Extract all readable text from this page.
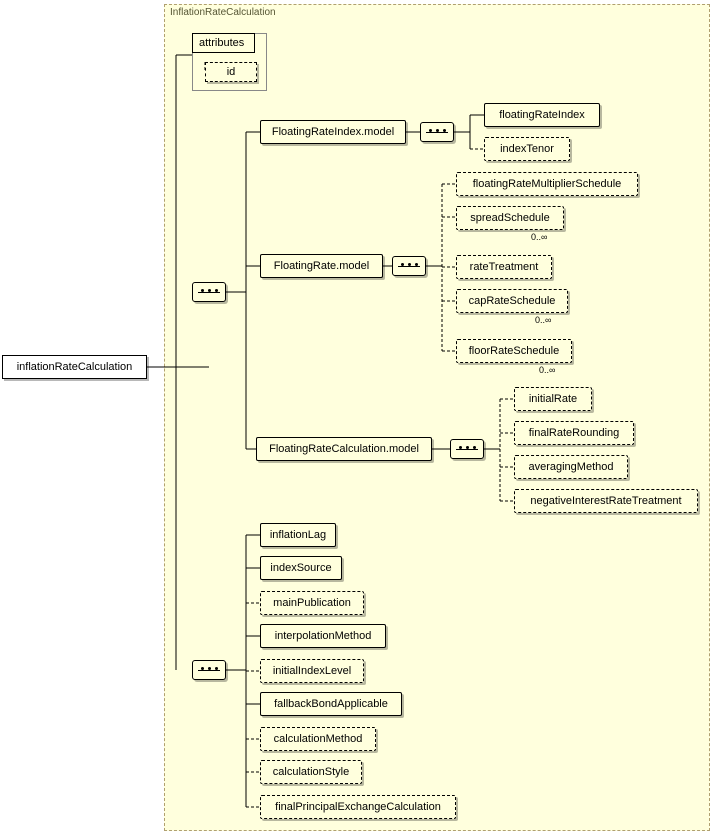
InflationRateCalculation
inflationRateCalculation
attributes
id
FloatingRateIndex.model
floatingRateIndex
indexTenor
FloatingRate.model
floatingRateMultiplierSchedule
spreadSchedule
0..∞
rateTreatment
capRateSchedule
0..∞
floorRateSchedule
0..∞
FloatingRateCalculation.model
initialRate
finalRateRounding
averagingMethod
negativeInterestRateTreatment
inflationLag
indexSource
mainPublication
interpolationMethod
initialIndexLevel
fallbackBondApplicable
calculationMethod
calculationStyle
finalPrincipalExchangeCalculation
